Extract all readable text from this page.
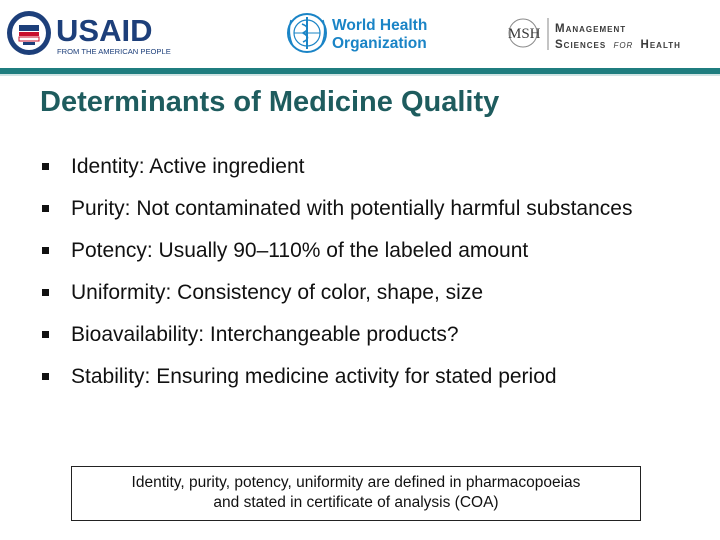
USAID
FROM THE AMERICAN PEOPLE
World Health
Organization
MSH Management
Sciences for Health
Determinants of Medicine Quality
Identity: Active ingredient
Purity: Not contaminated with potentially harmful substances
Potency: Usually 90–110% of the labeled amount
Uniformity: Consistency of color, shape, size
Bioavailability: Interchangeable products?
Stability: Ensuring medicine activity for stated period
Identity, purity, potency, uniformity are defined in pharmacopoeias
and stated in certificate of analysis (COA)
